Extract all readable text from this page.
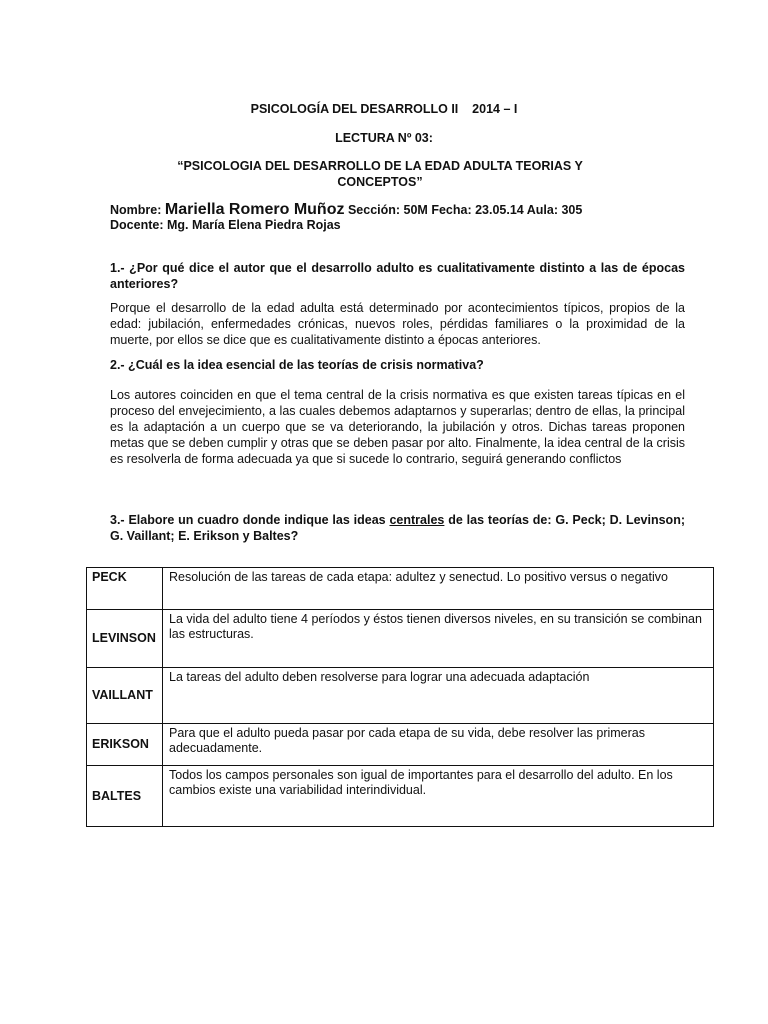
PSICOLOGÍA DEL DESARROLLO II    2014 – I
LECTURA Nº 03:
“PSICOLOGIA DEL DESARROLLO DE LA EDAD ADULTA TEORIAS Y CONCEPTOS”
Nombre: Mariella Romero Muñoz Sección: 50M Fecha: 23.05.14 Aula: 305
Docente: Mg. María Elena Piedra Rojas
1.- ¿Por qué dice el autor que el desarrollo adulto es cualitativamente distinto a las de épocas anteriores?
Porque el desarrollo de la edad adulta está determinado por acontecimientos típicos, propios de la edad: jubilación, enfermedades crónicas, nuevos roles, pérdidas familiares o la proximidad de la muerte, por ellos se dice que es cualitativamente distinto a épocas anteriores.
2.- ¿Cuál es la idea esencial de las teorías de crisis normativa?
Los autores coinciden en que el tema central de la crisis normativa es que existen tareas típicas en el proceso del envejecimiento, a las cuales debemos adaptarnos y superarlas; dentro de ellas, la principal es la adaptación a un cuerpo que se va deteriorando, la jubilación y otros. Dichas tareas proponen metas que se deben cumplir y otras que se deben pasar por alto. Finalmente, la idea central de la crisis es resolverla de forma adecuada ya que si sucede lo contrario, seguirá generando conflictos
3.- Elabore un cuadro donde indique las ideas centrales de las teorías de: G. Peck; D. Levinson; G. Vaillant; E. Erikson y Baltes?
PECK	Resolución de las tareas de cada etapa: adultez y senectud. Lo positivo versus o negativo
LEVINSON	La vida del adulto tiene 4 períodos y éstos tienen diversos niveles, en su transición se combinan las estructuras.
VAILLANT	La tareas del adulto deben resolverse para lograr una adecuada adaptación
ERIKSON	Para que el adulto pueda pasar por cada etapa de su vida, debe resolver las primeras adecuadamente.
BALTES	Todos los campos personales son igual de importantes para el desarrollo del adulto. En los cambios existe una variabilidad interindividual.
